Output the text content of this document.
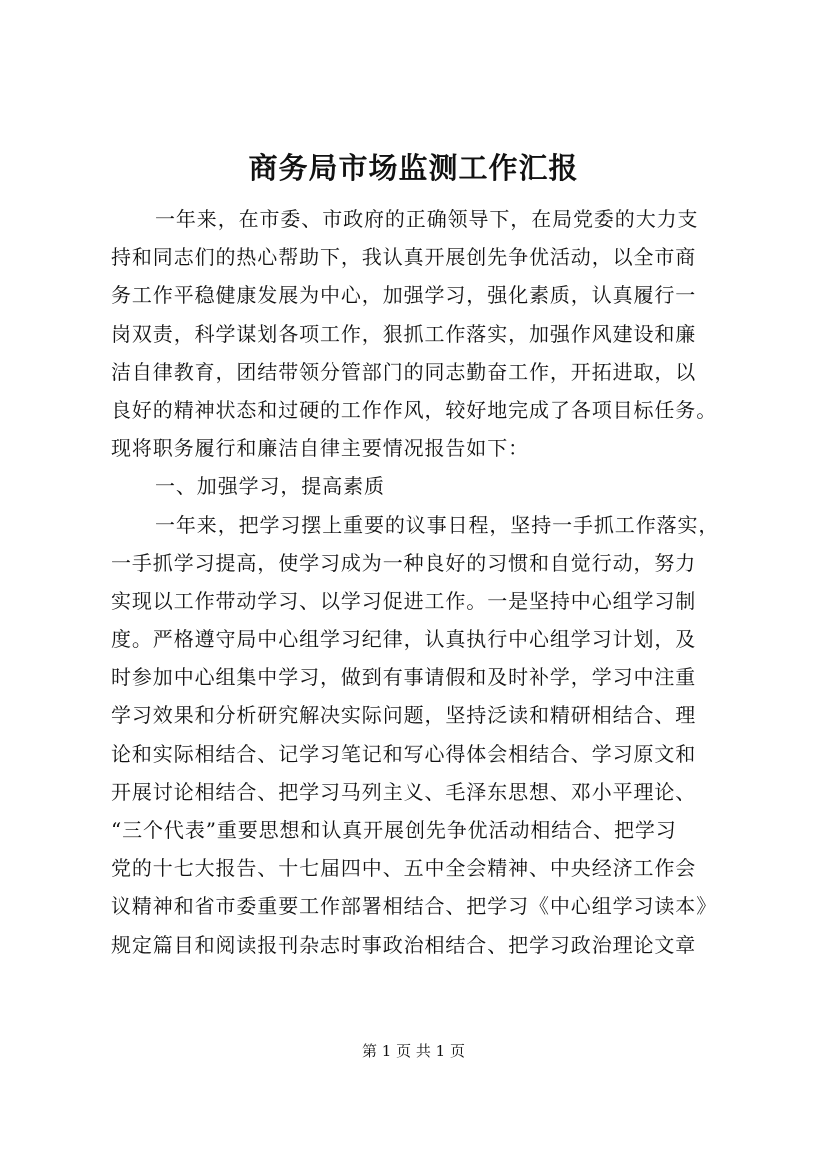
商务局市场监测工作汇报
一年来，在市委、市政府的正确领导下，在局党委的大力支
持和同志们的热心帮助下，我认真开展创先争优活动，以全市商
务工作平稳健康发展为中心，加强学习，强化素质，认真履行一
岗双责，科学谋划各项工作，狠抓工作落实，加强作风建设和廉
洁自律教育，团结带领分管部门的同志勤奋工作，开拓进取，以
良好的精神状态和过硬的工作作风，较好地完成了各项目标任务。
现将职务履行和廉洁自律主要情况报告如下：
一、加强学习，提高素质
一年来，把学习摆上重要的议事日程，坚持一手抓工作落实，
一手抓学习提高，使学习成为一种良好的习惯和自觉行动，努力
实现以工作带动学习、以学习促进工作。一是坚持中心组学习制
度。严格遵守局中心组学习纪律，认真执行中心组学习计划，及
时参加中心组集中学习，做到有事请假和及时补学，学习中注重
学习效果和分析研究解决实际问题，坚持泛读和精研相结合、理
论和实际相结合、记学习笔记和写心得体会相结合、学习原文和
开展讨论相结合、把学习马列主义、毛泽东思想、邓小平理论、
“三个代表”重要思想和认真开展创先争优活动相结合、把学习
党的十七大报告、十七届四中、五中全会精神、中央经济工作会
议精神和省市委重要工作部署相结合、把学习《中心组学习读本》
规定篇目和阅读报刊杂志时事政治相结合、把学习政治理论文章
第 1 页 共 1 页
